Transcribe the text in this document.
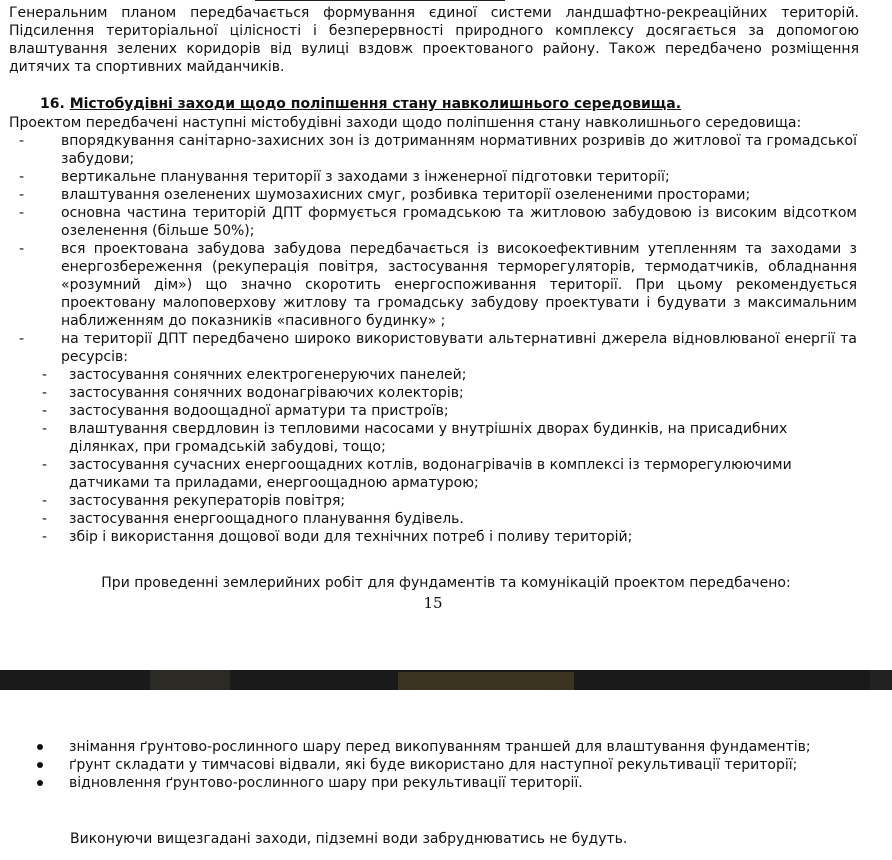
Генеральним планом передбачається формування єдиної системи ландшафтно-рекреаційних територій. Підсилення територіальної цілісності і безперервності природного комплексу досягається за допомогою влаштування зелених коридорів від вулиці вздовж проектованого району. Також передбачено розміщення дитячих та спортивних майданчиків.
16. Містобудівні заходи щодо поліпшення стану навколишнього середовища.
Проектом передбачені наступні містобудівні заходи щодо поліпшення стану навколишнього середовища:
-	впорядкування санітарно-захисних зон із дотриманням нормативних розривів до житлової та громадської забудови;
-	вертикальне планування території з заходами з інженерної підготовки території;
-	влаштування озеленених шумозахисних смуг, розбивка території озелененими просторами;
-	основна частина територій ДПТ формується громадською та житловою забудовою із високим відсотком озеленення (більше 50%);
-	вся проектована забудова забудова передбачається із високоефективним утепленням та заходами з енергозбереження (рекуперація повітря, застосування терморегуляторів, термодатчиків, обладнання «розумний дім») що значно скоротить енергоспоживання території. При цьому рекомендується проектовану малоповерхову житлову та громадську забудову проектувати і будувати з максимальним наближенням до показників «пасивного будинку» ;
-	на території ДПТ передбачено широко використовувати альтернативні джерела відновлюваної енергії та ресурсів:
- застосування сонячних електрогенеруючих панелей;
- застосування сонячних водонагріваючих колекторів;
- застосування водоощадної арматури та пристроїв;
- влаштування свердловин із тепловими насосами у внутрішніх дворах будинків, на присадибних ділянках, при громадській забудові, тощо;
- застосування сучасних енергоощадних котлів, водонагрівачів в комплексі із терморегулюючими датчиками та приладами, енергоощадною арматурою;
- застосування рекуператорів повітря;
- застосування енергоощадного планування будівель.
- збір і використання дощової води для технічних потреб і поливу територій;
При проведенні землерийних робіт для фундаментів та комунікацій проектом передбачено:
15
знімання ґрунтово-рослинного шару перед викопуванням траншей для влаштування фундаментів;
ґрунт складати у тимчасові відвали, які буде використано для наступної рекультивації території;
відновлення ґрунтово-рослинного шару при рекультивації території.
Виконуючи вищезгадані заходи, підземні води забруднюватись не будуть.
